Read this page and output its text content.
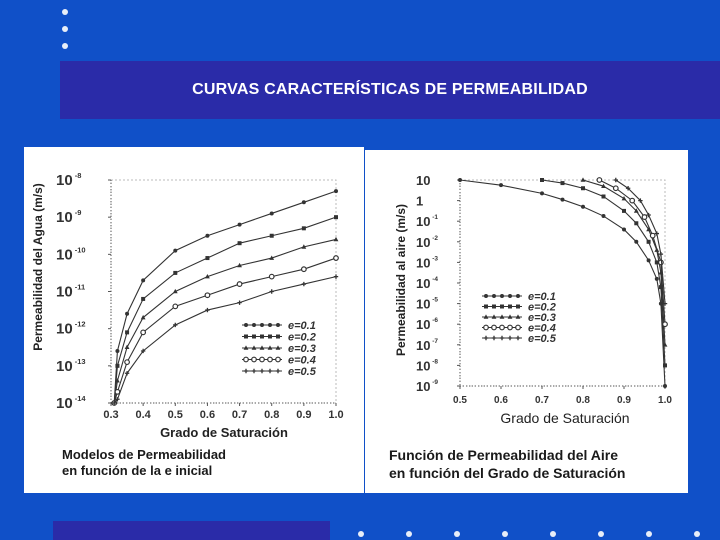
CURVAS CARACTERÍSTICAS DE PERMEABILIDAD
Permeabilidad del Agua (m/s)
Grado de Saturación
0.3 0.4 0.5 0.6 0.7 0.8 0.9 1.0
10 -8
10 -9
10 -10
10 -11
10 -12
10 -13
10 -14
e=0.1
e=0.2
e=0.3
e=0.4
e=0.5
Modelos de Permeabilidad
en función de la e inicial
Permeabilidad al aire (m/s)
Grado de Saturación
0.5	0.6	0.7	0.8	0.9	1.0
10
1
10 -1
10 -2
10 -3
10 -4
10 -5
10 -6
10 -7
10 -8
10 -9
e=0.1
e=0.2
e=0.3
e=0.4
e=0.5
Función de Permeabilidad del Aire
en función del Grado de Saturación
